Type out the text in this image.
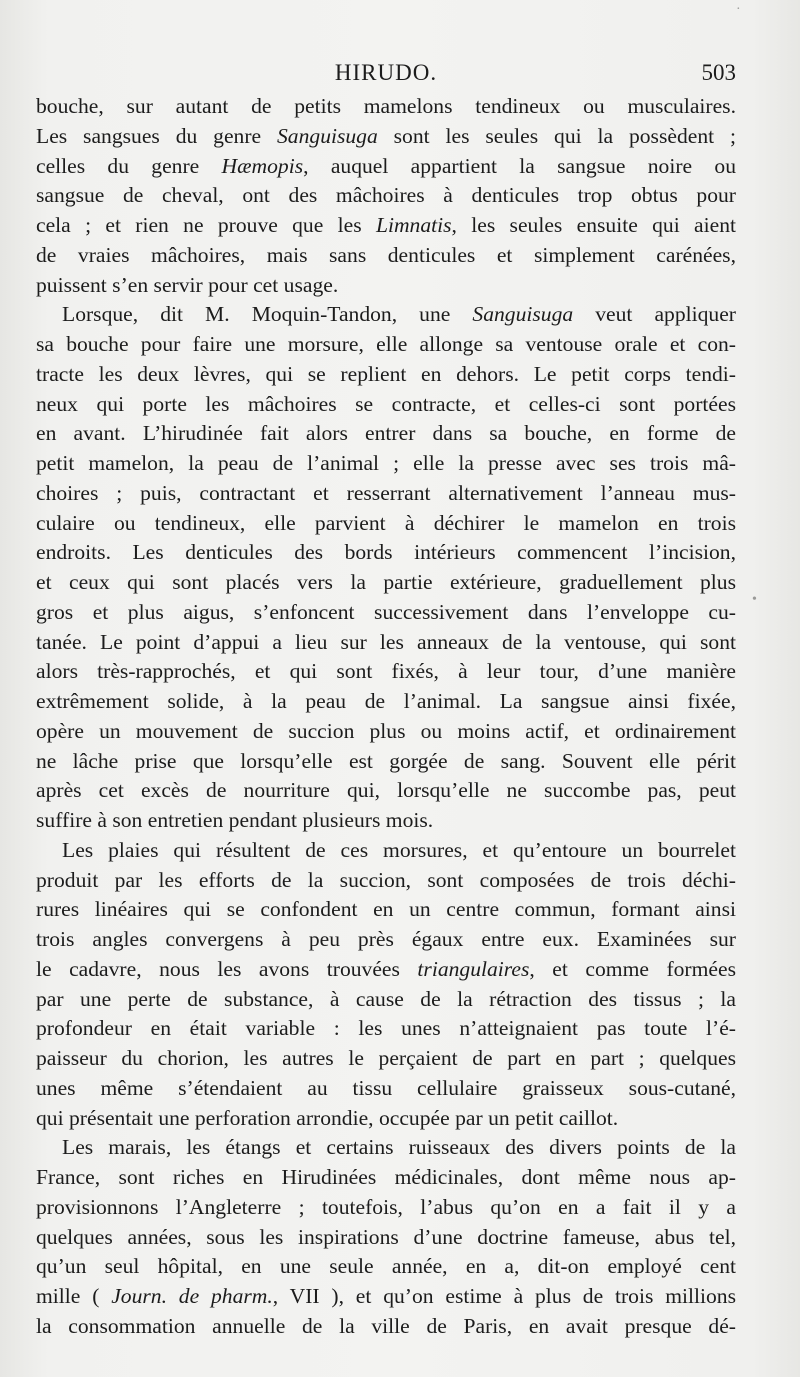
HIRUDO.	503
bouche, sur autant de petits mamelons tendineux ou musculaires.
Les sangsues du genre Sanguisuga sont les seules qui la possèdent ;
celles du genre Hæmopis, auquel appartient la sangsue noire ou
sangsue de cheval, ont des mâchoires à denticules trop obtus pour
cela ; et rien ne prouve que les Limnatis, les seules ensuite qui aient
de vraies mâchoires, mais sans denticules et simplement carénées,
puissent s’en servir pour cet usage.
Lorsque, dit M. Moquin-Tandon, une Sanguisuga veut appliquer
sa bouche pour faire une morsure, elle allonge sa ventouse orale et con-
tracte les deux lèvres, qui se replient en dehors. Le petit corps tendi-
neux qui porte les mâchoires se contracte, et celles-ci sont portées
en avant. L’hirudinée fait alors entrer dans sa bouche, en forme de
petit mamelon, la peau de l’animal ; elle la presse avec ses trois mâ-
choires ; puis, contractant et resserrant alternativement l’anneau mus-
culaire ou tendineux, elle parvient à déchirer le mamelon en trois
endroits. Les denticules des bords intérieurs commencent l’incision,
et ceux qui sont placés vers la partie extérieure, graduellement plus
gros et plus aigus, s’enfoncent successivement dans l’enveloppe cu-
tanée. Le point d’appui a lieu sur les anneaux de la ventouse, qui sont
alors très-rapprochés, et qui sont fixés, à leur tour, d’une manière
extrêmement solide, à la peau de l’animal. La sangsue ainsi fixée,
opère un mouvement de succion plus ou moins actif, et ordinairement
ne lâche prise que lorsqu’elle est gorgée de sang. Souvent elle périt
après cet excès de nourriture qui, lorsqu’elle ne succombe pas, peut
suffire à son entretien pendant plusieurs mois.
Les plaies qui résultent de ces morsures, et qu’entoure un bourrelet
produit par les efforts de la succion, sont composées de trois déchi-
rures linéaires qui se confondent en un centre commun, formant ainsi
trois angles convergens à peu près égaux entre eux. Examinées sur
le cadavre, nous les avons trouvées triangulaires, et comme formées
par une perte de substance, à cause de la rétraction des tissus ; la
profondeur en était variable : les unes n’atteignaient pas toute l’é-
paisseur du chorion, les autres le perçaient de part en part ; quelques
unes même s’étendaient au tissu cellulaire graisseux sous-cutané,
qui présentait une perforation arrondie, occupée par un petit caillot.
Les marais, les étangs et certains ruisseaux des divers points de la
France, sont riches en Hirudinées médicinales, dont même nous ap-
provisionnons l’Angleterre ; toutefois, l’abus qu’on en a fait il y a
quelques années, sous les inspirations d’une doctrine fameuse, abus tel,
qu’un seul hôpital, en une seule année, en a, dit-on employé cent
mille ( Journ. de pharm., VII ), et qu’on estime à plus de trois millions
la consommation annuelle de la ville de Paris, en avait presque dé-
·
•
